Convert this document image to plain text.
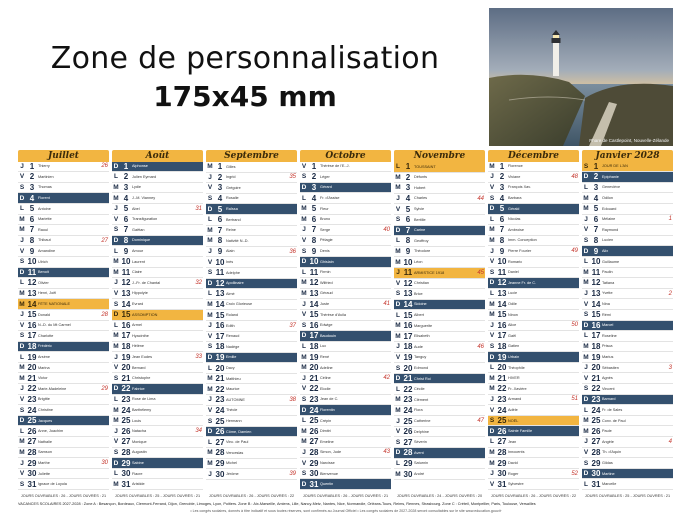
Zone de personnalisation
175x45 mm
Phare de Castlepoint, Nouvelle-Zélande
Juillet
J 1 Thierry	26
V 2 Martinien
S 3 Thomas
D 4 Florent
L 5 Antoine
M 6 Mariette
M 7 Raoul
J 8 Thibaut	27
V 9 Amandine
S 10 Ulrich
D 11 Benoit
L 12 Olivier
M 13 Henri, Joël
M 14 FÊTE NATIONALE
J 15 Donald	28
V 16 N.-D. du Mt Carmel
S 17 Charlotte
D 18 Frédéric
L 19 Arsène
M 20 Marina
M 21 Victor
J 22 Marie-Madeleine	29
V 23 Brigitte
S 24 Christine
D 25 Jacques
L 26 Anne, Joachim
M 27 Nathalie
M 28 Samson
J 29 Marthe	30
V 30 Juliette
S 31 Ignace de Loyola
Août
D 1 Alphonse
L 2 Julien Eymard
M 3 Lydie
M 4 J.-M. Vianney
J 5 Abel	31
V 6 Transfiguration
S 7 Gaëtan
D 8 Dominique
L 9 Amour
M 10 Laurent
M 11 Claire
J 12 J.-Fr. de Chantal	32
V 13 Hippolyte
S 14 Evrard
D 15 ASSOMPTION
L 16 Armel
M 17 Hyacinthe
M 18 Hélène
J 19 Jean Eudes	33
V 20 Bernard
S 21 Christophe
D 22 Fabrice
L 23 Rose de Lima
M 24 Barthélemy
M 25 Louis
J 26 Natacha	34
V 27 Monique
S 28 Augustin
D 29 Sabine
L 30 Fiacre
M 31 Aristide
Septembre
M 1 Gilles
J 2 Ingrid	35
V 3 Grégoire
S 4 Rosalie
D 5 Raïssa
L 6 Bertrand
M 7 Reine
M 8 Nativité N.-D.
J 9 Alain	36
V 10 Inès
S 11 Adelphe
D 12 Apollinaire
L 13 Aimé
M 14 Croix Glorieuse
M 15 Roland
J 16 Edith	37
V 17 Renaud
S 18 Nadège
D 19 Emilie
L 20 Davy
M 21 Matthieu
M 22 Maurice
J 23 AUTOMNE	38
V 24 Thècle
S 25 Hermann
D 26 Côme, Damien
L 27 Vinc. de Paul
M 28 Venceslas
M 29 Michel
J 30 Jérôme	39
Octobre
V 1 Thérèse de l'E.-J.
S 2 Léger
D 3 Gérard
L 4 Fr. d'Assise
M 5 Fleur
M 6 Bruno
J 7 Serge	40
V 8 Pélagie
S 9 Denis
D 10 Ghislain
L 11 Firmin
M 12 Wilfried
M 13 Géraud
J 14 Juste	41
V 15 Thérèse d'Avila
S 16 Edwige
D 17 Baudouin
L 18 Luc
M 19 René
M 20 Adeline
J 21 Céline	42
V 22 Elodie
S 23 Jean de C.
D 24 Florentin
L 25 Crépin
M 26 Dimitri
M 27 Emeline
J 28 Simon, Jude	43
V 29 Narcisse
S 30 Bienvenue
D 31 Quentin
Novembre
L 1 TOUSSAINT
M 2 Défunts
M 3 Hubert
J 4 Charles	44
V 5 Sylvie
S 6 Bertille
D 7 Carine
L 8 Geoffroy
M 9 Théodore
M 10 Léon
J 11 ARMISTICE 1918	45
V 12 Christian
S 13 Brice
D 14 Sidoine
L 15 Albert
M 16 Marguerite
M 17 Elisabeth
J 18 Aude	46
V 19 Tanguy
S 20 Edmond
D 21 Christ Roi
L 22 Cécile
M 23 Clément
M 24 Flora
J 25 Catherine	47
V 26 Delphine
S 27 Séverin
D 28 Avent
L 29 Saturnin
M 30 André
Décembre
M 1 Florence
J 2 Viviane	48
V 3 François Xav.
S 4 Barbara
D 5 Gérald
L 6 Nicolas
M 7 Ambroise
M 8 Imm. Conception
J 9 Pierre Fourier	49
V 10 Romaric
S 11 Daniel
D 12 Jeanne Fr. de C.
L 13 Lucie
M 14 Odile
M 15 Ninon
J 16 Alice	50
V 17 Gaël
S 18 Gatien
D 19 Urbain
L 20 Théophile
M 21 HIVER
M 22 Fr.-Xavière
J 23 Armand	51
V 24 Adèle
S 25 NOËL
D 26 Sainte Famille
L 27 Jean
M 28 Innocents
M 29 David
J 30 Roger	52
V 31 Sylvestre
Janvier 2028
S 1 JOUR DE L'AN
D 2 Epiphanie
L 3 Geneviève
M 4 Odilon
M 5 Edouard
J 6 Mélaine	1
V 7 Raymond
S 8 Lucien
D 9 Alix
L 10 Guillaume
M 11 Paulin
M 12 Tatiana
J 13 Yvette	2
V 14 Nina
S 15 Rémi
D 16 Marcel
L 17 Roseline
M 18 Prisca
M 19 Marius
J 20 Sébastien	3
V 21 Agnès
S 22 Vincent
D 23 Barnard
L 24 Fr. de Sales
M 25 Conv. de Paul
M 26 Paule
J 27 Angèle	4
V 28 Th. d'Aquin
S 29 Gildas
D 30 Martine
L 31 Marcelle
JOURS OUVRABLES : 26 - JOURS OUVRÉS : 21	JOURS OUVRABLES : 25 - JOURS OUVRÉS : 21	JOURS OUVRABLES : 26 - JOURS OUVRÉS : 22	JOURS OUVRABLES : 26 - JOURS OUVRÉS : 21	JOURS OUVRABLES : 24 - JOURS OUVRÉS : 20	JOURS OUVRABLES : 26 - JOURS OUVRÉS : 22	JOURS OUVRABLES : 25 - JOURS OUVRÉS : 21
VACANCES SCOLAIRES 2027-2028 : Zone A : Besançon, Bordeaux, Clermont-Ferrand, Dijon, Grenoble, Limoges, Lyon, Poitiers. Zone B : Aix-Marseille, Amiens, Lille, Nancy-Metz, Nantes, Nice, Normandie, Orléans-Tours, Reims, Rennes, Strasbourg. Zone C : Créteil, Montpellier, Paris, Toulouse, Versailles
• Les congés scolaires, donnés à titre indicatif et sous toutes réserves, sont confirmés au Journal Officiel • Les congés scolaires de 2027-2028 seront consultables sur le site www.education.gouv.fr
